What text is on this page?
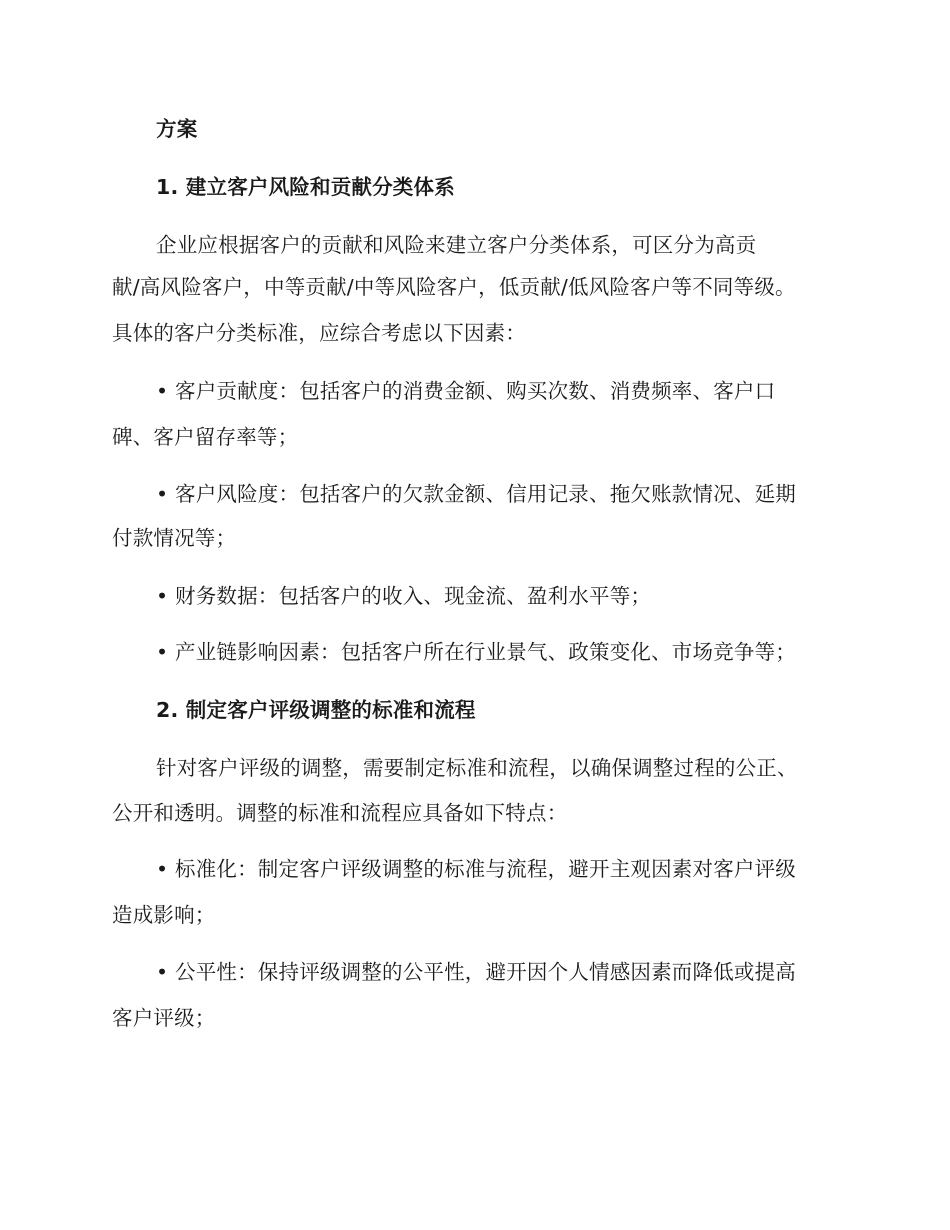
方案
1. 建立客户风险和贡献分类体系
企业应根据客户的贡献和风险来建立客户分类体系，可区分为高贡
献/高风险客户，中等贡献/中等风险客户，低贡献/低风险客户等不同等级。
具体的客户分类标准，应综合考虑以下因素：
• 客户贡献度：包括客户的消费金额、购买次数、消费频率、客户口
碑、客户留存率等；
• 客户风险度：包括客户的欠款金额、信用记录、拖欠账款情况、延期
付款情况等；
• 财务数据：包括客户的收入、现金流、盈利水平等；
• 产业链影响因素：包括客户所在行业景气、政策变化、市场竞争等；
2. 制定客户评级调整的标准和流程
针对客户评级的调整，需要制定标准和流程，以确保调整过程的公正、
公开和透明。调整的标准和流程应具备如下特点：
• 标准化：制定客户评级调整的标准与流程，避开主观因素对客户评级
造成影响；
• 公平性：保持评级调整的公平性，避开因个人情感因素而降低或提高
客户评级；
